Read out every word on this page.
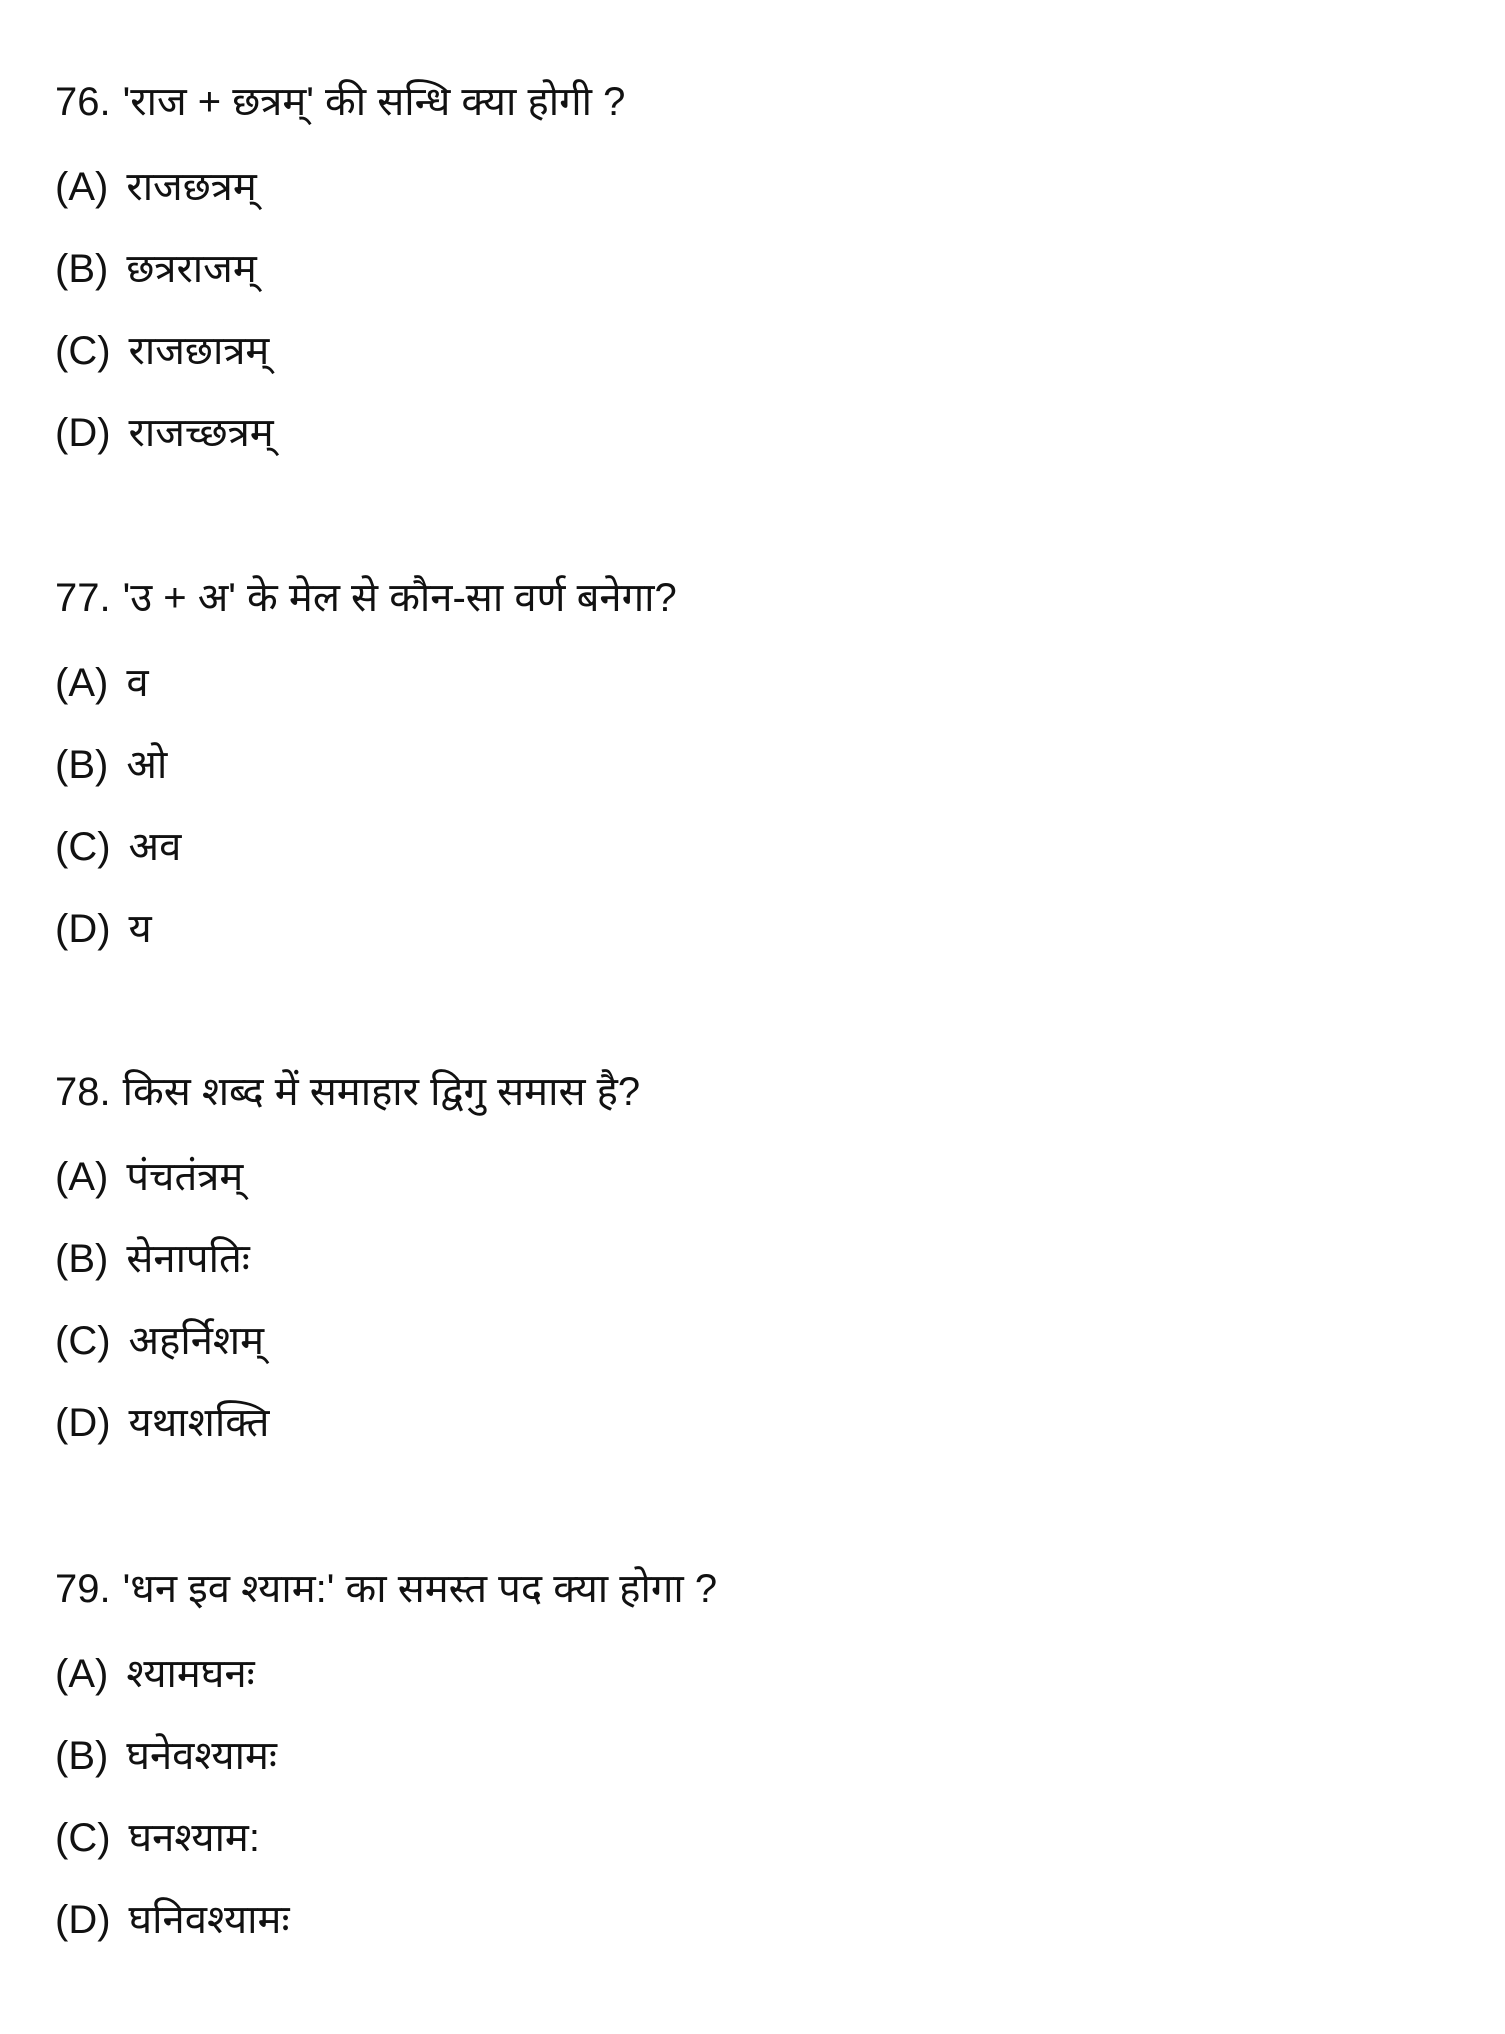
76. 'राज + छत्रम्' की सन्धि क्या होगी ?
(A) राजछत्रम्
(B) छत्रराजम्
(C) राजछात्रम्
(D) राजच्छत्रम्
77. 'उ + अ' के मेल से कौन-सा वर्ण बनेगा?
(A) व
(B) ओ
(C) अव
(D) य
78. किस शब्द में समाहार द्विगु समास है?
(A) पंचतंत्रम्
(B) सेनापतिः
(C) अहर्निशम्
(D) यथाशक्ति
79. 'धन इव श्याम:' का समस्त पद क्या होगा ?
(A) श्यामघनः
(B) घनेवश्यामः
(C) घनश्याम:
(D) घनिवश्यामः
